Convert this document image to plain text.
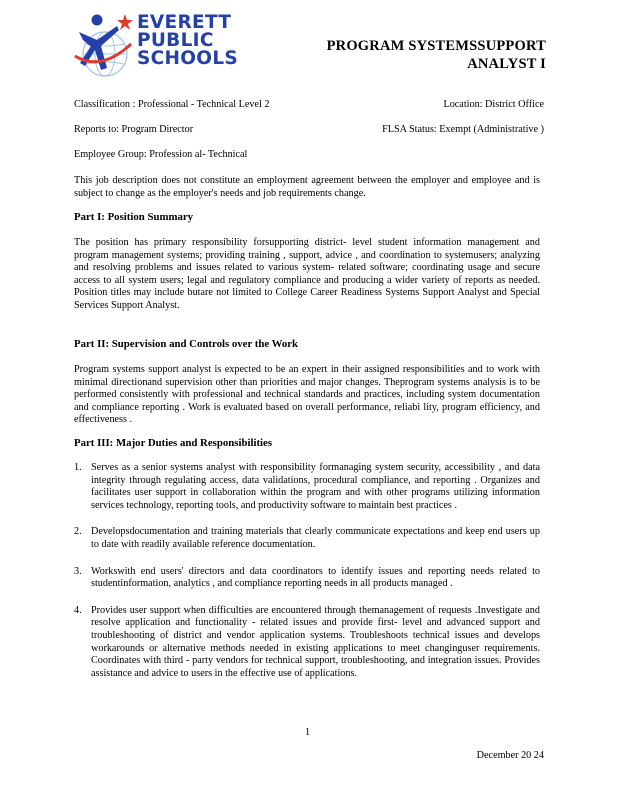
EVERETT
PUBLIC
SCHOOLS
PROGRAM SYSTEMSSUPPORT
ANALYST I
Classification : Professional - Technical Level 2	Location: District Office
Reports to: Program Director	FLSA Status: Exempt (Administrative )
Employee Group: Profession al- Technical
This job description does not constitute an employment agreement between the employer and employee and is subject to change as the employer's needs and job requirements change.
Part I: Position Summary
The position has primary responsibility forsupporting district- level student information management and program management systems; providing training , support, advice , and coordination to systemusers; analyzing and resolving problems and issues related to various system- related software; coordinating usage and secure access to all system users; legal and regulatory compliance and producing a wider variety of reports as needed. Position titles may include butare not limited to College Career Readiness Systems Support Analyst and Special Services Support Analyst.
Part II: Supervision and Controls over the Work
Program systems support analyst is expected to be an expert in their assigned responsibilities and to work with minimal directionand supervision other than priorities and major changes. Theprogram systems analysis is to be performed consistently with professional and technical standards and practices, including system documentation and compliance reporting . Work is evaluated based on overall performance, reliabi lity, program efficiency, and effectiveness .
Part III: Major Duties and Responsibilities
1. Serves as a senior systems analyst with responsibility formanaging system security, accessibility , and data integrity through regulating access, data validations, procedural compliance, and reporting . Organizes and facilitates user support in collaboration within the program and with other programs utilizing information services technology, reporting tools, and productivity software to maintain best practices .
2. Developsdocumentation and training materials that clearly communicate expectations and keep end users up to date with readily available reference documentation.
3. Workswith end users' directors and data coordinators to identify issues and reporting needs related to studentinformation, analytics , and compliance reporting needs in all products managed .
4. Provides user support when difficulties are encountered through themanagement of requests .Investigate and resolve application and functionality - related issues and provide first- level and advanced support and troubleshooting of district and vendor application systems. Troubleshoots technical issues and develops workarounds or alternative methods needed in existing applications to meet changinguser requirements. Coordinates with third - party vendors for technical support, troubleshooting, and integration issues. Provides assistance and advice to users in the effective use of applications.
1
December 20 24
